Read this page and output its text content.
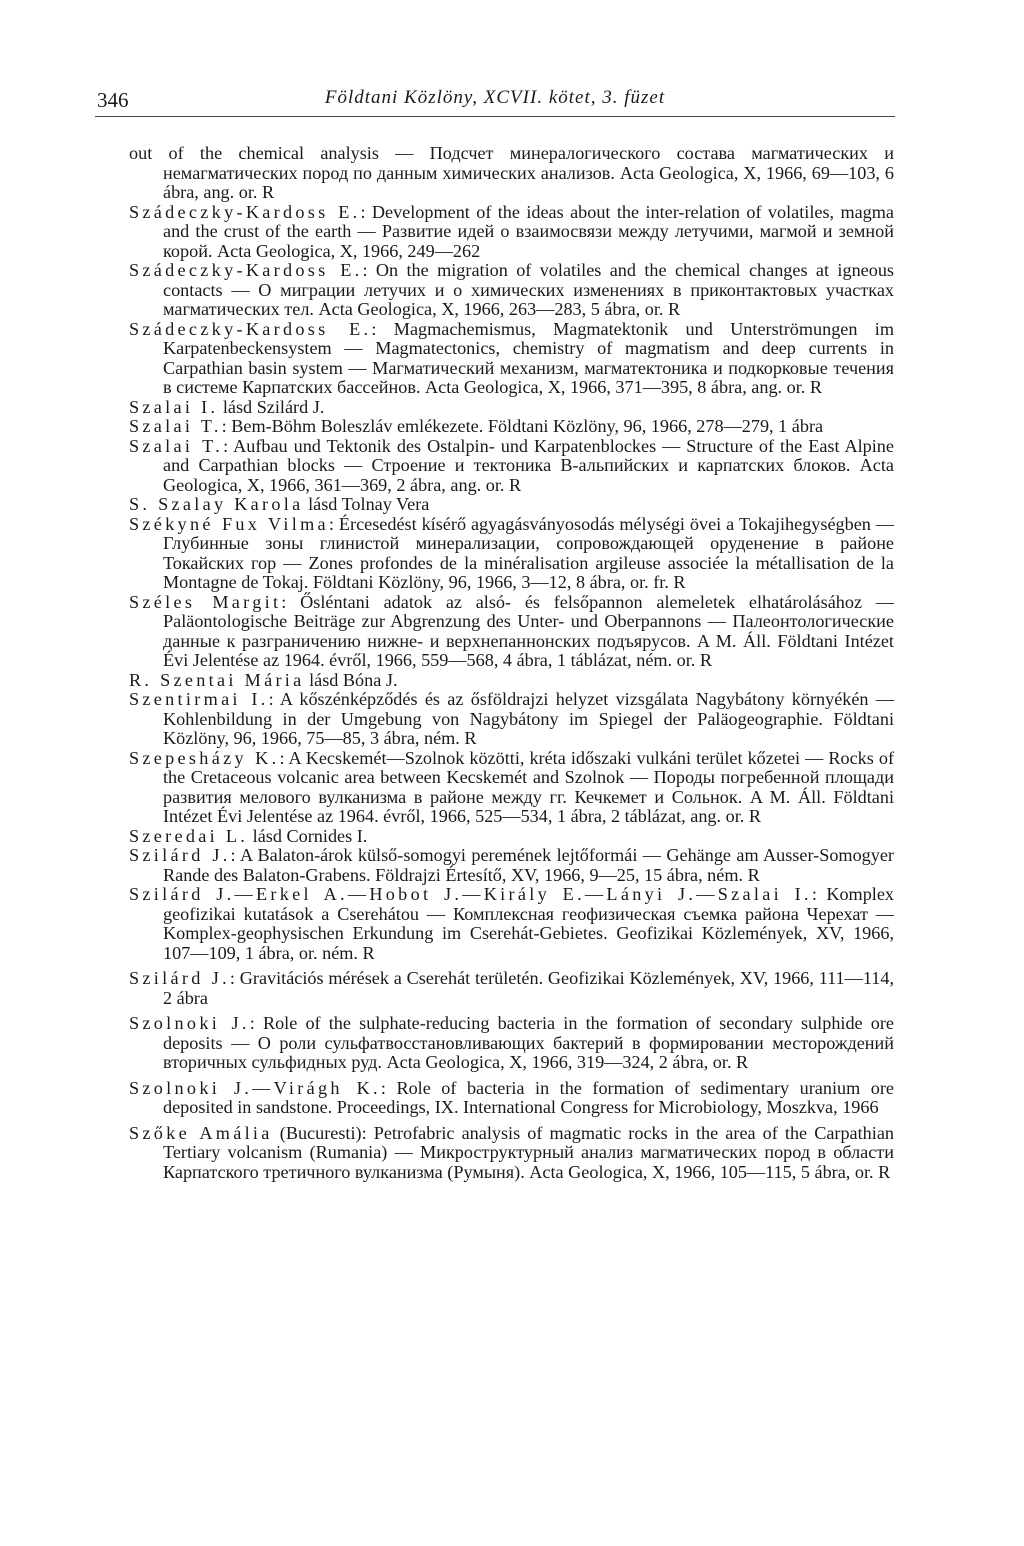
346	Földtani Közlöny, XCVII. kötet, 3. füzet

out of the chemical analysis — Подсчет минералогического состава магматических и немагматических пород по данным химических анализов. Acta Geologica, X, 1966, 69—103, 6 ábra, ang. or. R

Szádeczky-Kardoss E.: Development of the ideas about the inter-relation of volatiles, magma and the crust of the earth — Развитие идей о взаимосвязи между летучими, магмой и земной корой. Acta Geologica, X, 1966, 249—262

Szádeczky-Kardoss E.: On the migration of volatiles and the chemical changes at igneous contacts — О миграции летучих и о химических изменениях в приконтактовых участках магматических тел. Acta Geologica, X, 1966, 263—283, 5 ábra, or. R

Szádeczky-Kardoss E.: Magmachemismus, Magmatektonik und Unterströmungen im Karpatenbeckensystem — Magmatectonics, chemistry of magmatism and deep currents in Carpathian basin system — Магматический механизм, магматектоника и подкорковые течения в системе Карпатских бассейнов. Acta Geologica, X, 1966, 371—395, 8 ábra, ang. or. R

Szalai I. lásd Szilárd J.

Szalai T.: Bem-Böhm Boleszláv emlékezete. Földtani Közlöny, 96, 1966, 278—279, 1 ábra

Szalai T.: Aufbau und Tektonik des Ostalpin- und Karpatenblockes — Structure of the East Alpine and Carpathian blocks — Строение и тектоника В-альпийских и карпатских блоков. Acta Geologica, X, 1966, 361—369, 2 ábra, ang. or. R

S. Szalay Karola lásd Tolnay Vera

Székyné Fux Vilma: Ércesedést kísérő agyagásványosodás mélységi övei a Tokajihegységben — Глубинные зоны глинистой минерализации, сопровождающей оруденение в районе Токайских гор — Zones profondes de la minéralisation argileuse associée la métallisation de la Montagne de Tokaj. Földtani Közlöny, 96, 1966, 3—12, 8 ábra, or. fr. R

Széles Margit: Ősléntani adatok az alsó- és felsőpannon alemeletek elhatárolásához — Paläontologische Beiträge zur Abgrenzung des Unter- und Oberpannons — Палеонтологические данные к разграничению нижне- и верхнепаннонских подъярусов. A M. Áll. Földtani Intézet Évi Jelentése az 1964. évről, 1966, 559—568, 4 ábra, 1 táblázat, ném. or. R

R. Szentai Mária lásd Bóna J.

Szentirmai I.: A kőszénképződés és az ősföldrajzi helyzet vizsgálata Nagybátony környékén — Kohlenbildung in der Umgebung von Nagybátony im Spiegel der Paläogeographie. Földtani Közlöny, 96, 1966, 75—85, 3 ábra, ném. R

Szepesházy K.: A Kecskemét—Szolnok közötti, kréta időszaki vulkáni terület kőzetei — Rocks of the Cretaceous volcanic area between Kecskemét and Szolnok — Породы погребенной площади развития мелового вулканизма в районе между гг. Кечкемет и Сольнок. A M. Áll. Földtani Intézet Évi Jelentése az 1964. évről, 1966, 525—534, 1 ábra, 2 táblázat, ang. or. R

Szeredai L. lásd Cornides I.

Szilárd J.: A Balaton-árok külső-somogyi peremének lejtőformái — Gehänge am Ausser-Somogyer Rande des Balaton-Grabens. Földrajzi Értesítő, XV, 1966, 9—25, 15 ábra, ném. R

Szilárd J.—Erkel A.—Hobot J.—Király E.—Lányi J.—Szalai I.: Komplex geofizikai kutatások a Cserehátou — Комплексная геофизическая съемка района Черехат — Komplex-geophysischen Erkundung im Cserehát-Gebietes. Geofizikai Közlemények, XV, 1966, 107—109, 1 ábra, or. ném. R

Szilárd J.: Gravitációs mérések a Cserehát területén. Geofizikai Közlemények, XV, 1966, 111—114, 2 ábra

Szolnoki J.: Role of the sulphate-reducing bacteria in the formation of secondary sulphide ore deposits — О роли сульфатвосстановливающих бактерий в формировании месторождений вторичных сульфидных руд. Acta Geologica, X, 1966, 319—324, 2 ábra, or. R

Szolnoki J.—Virágh K.: Role of bacteria in the formation of sedimentary uranium ore deposited in sandstone. Proceedings, IX. International Congress for Microbiology, Moszkva, 1966

Szőke Amália (Bucuresti): Petrofabric analysis of magmatic rocks in the area of the Carpathian Tertiary volcanism (Rumania) — Микроструктурный анализ магматических пород в области Карпатского третичного вулканизма (Румыня). Acta Geologica, X, 1966, 105—115, 5 ábra, or. R
